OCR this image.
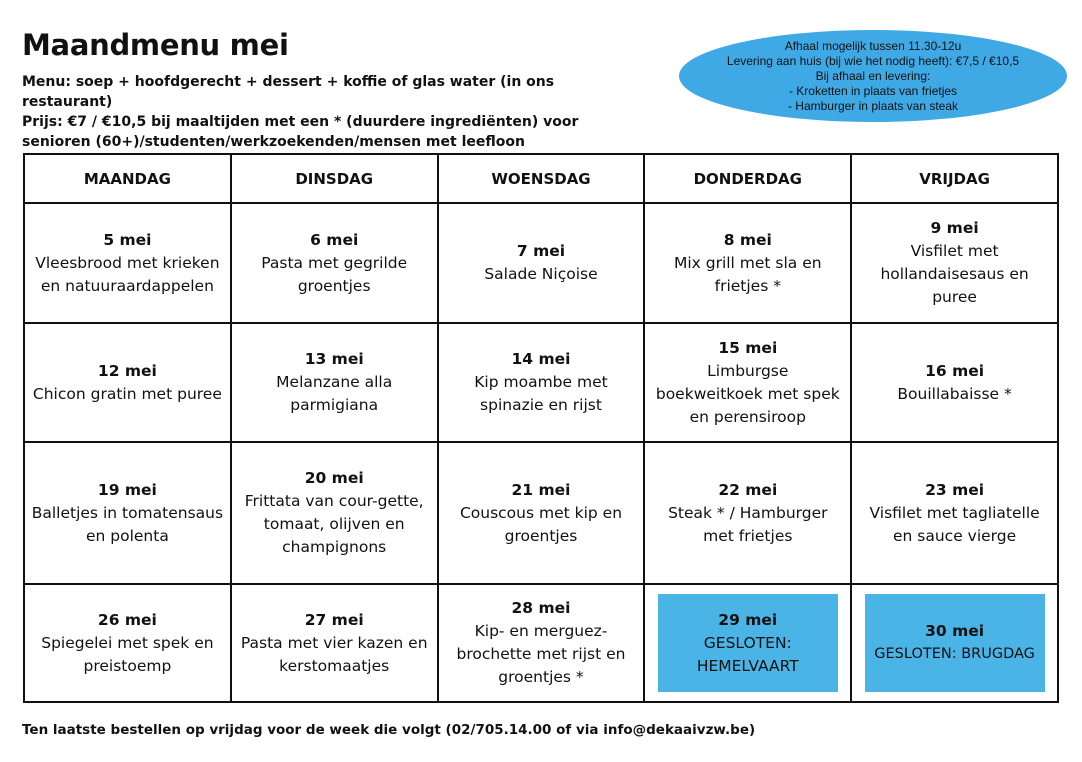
Maandmenu mei
Menu: soep + hoofdgerecht + dessert + koffie of glas water (in ons restaurant)
Prijs: €7 / €10,5 bij maaltijden met een * (duurdere ingrediënten) voor senioren (60+)/studenten/werkzoekenden/mensen met leefloon
Afhaal mogelijk tussen 11.30-12u
Levering aan huis (bij wie het nodig heeft): €7,5 / €10,5
Bij afhaal en levering:
- Kroketten in plaats van frietjes
- Hamburger in plaats van steak
MAANDAG	DINSDAG	WOENSDAG	DONDERDAG	VRIJDAG

5 mei
Vleesbrood met krieken en natuuraardappelen	6 mei
Pasta met gegrilde groentjes	7 mei
Salade Niçoise	8 mei
Mix grill met sla en frietjes *	9 mei
Visfilet met hollandaisesaus en puree

12 mei
Chicon gratin met puree	13 mei
Melanzane alla parmigiana	14 mei
Kip moambe met spinazie en rijst	15 mei
Limburgse boekweitkoek met spek en perensiroop	16 mei
Bouillabaisse *

19 mei
Balletjes in tomatensaus en polenta	20 mei
Frittata van cour-gette, tomaat, olijven en champignons	21 mei
Couscous met kip en groentjes	22 mei
Steak * / Hamburger met frietjes	23 mei
Visfilet met tagliatelle en sauce vierge

26 mei
Spiegelei met spek en preistoemp	27 mei
Pasta met vier kazen en kerstomaatjes	28 mei
Kip- en merguez-brochette met rijst en groentjes *	29 mei
GESLOTEN: HEMELVAART	30 mei
GESLOTEN: BRUGDAG
Ten laatste bestellen op vrijdag voor de week die volgt (02/705.14.00 of via info@dekaaivzw.be)
